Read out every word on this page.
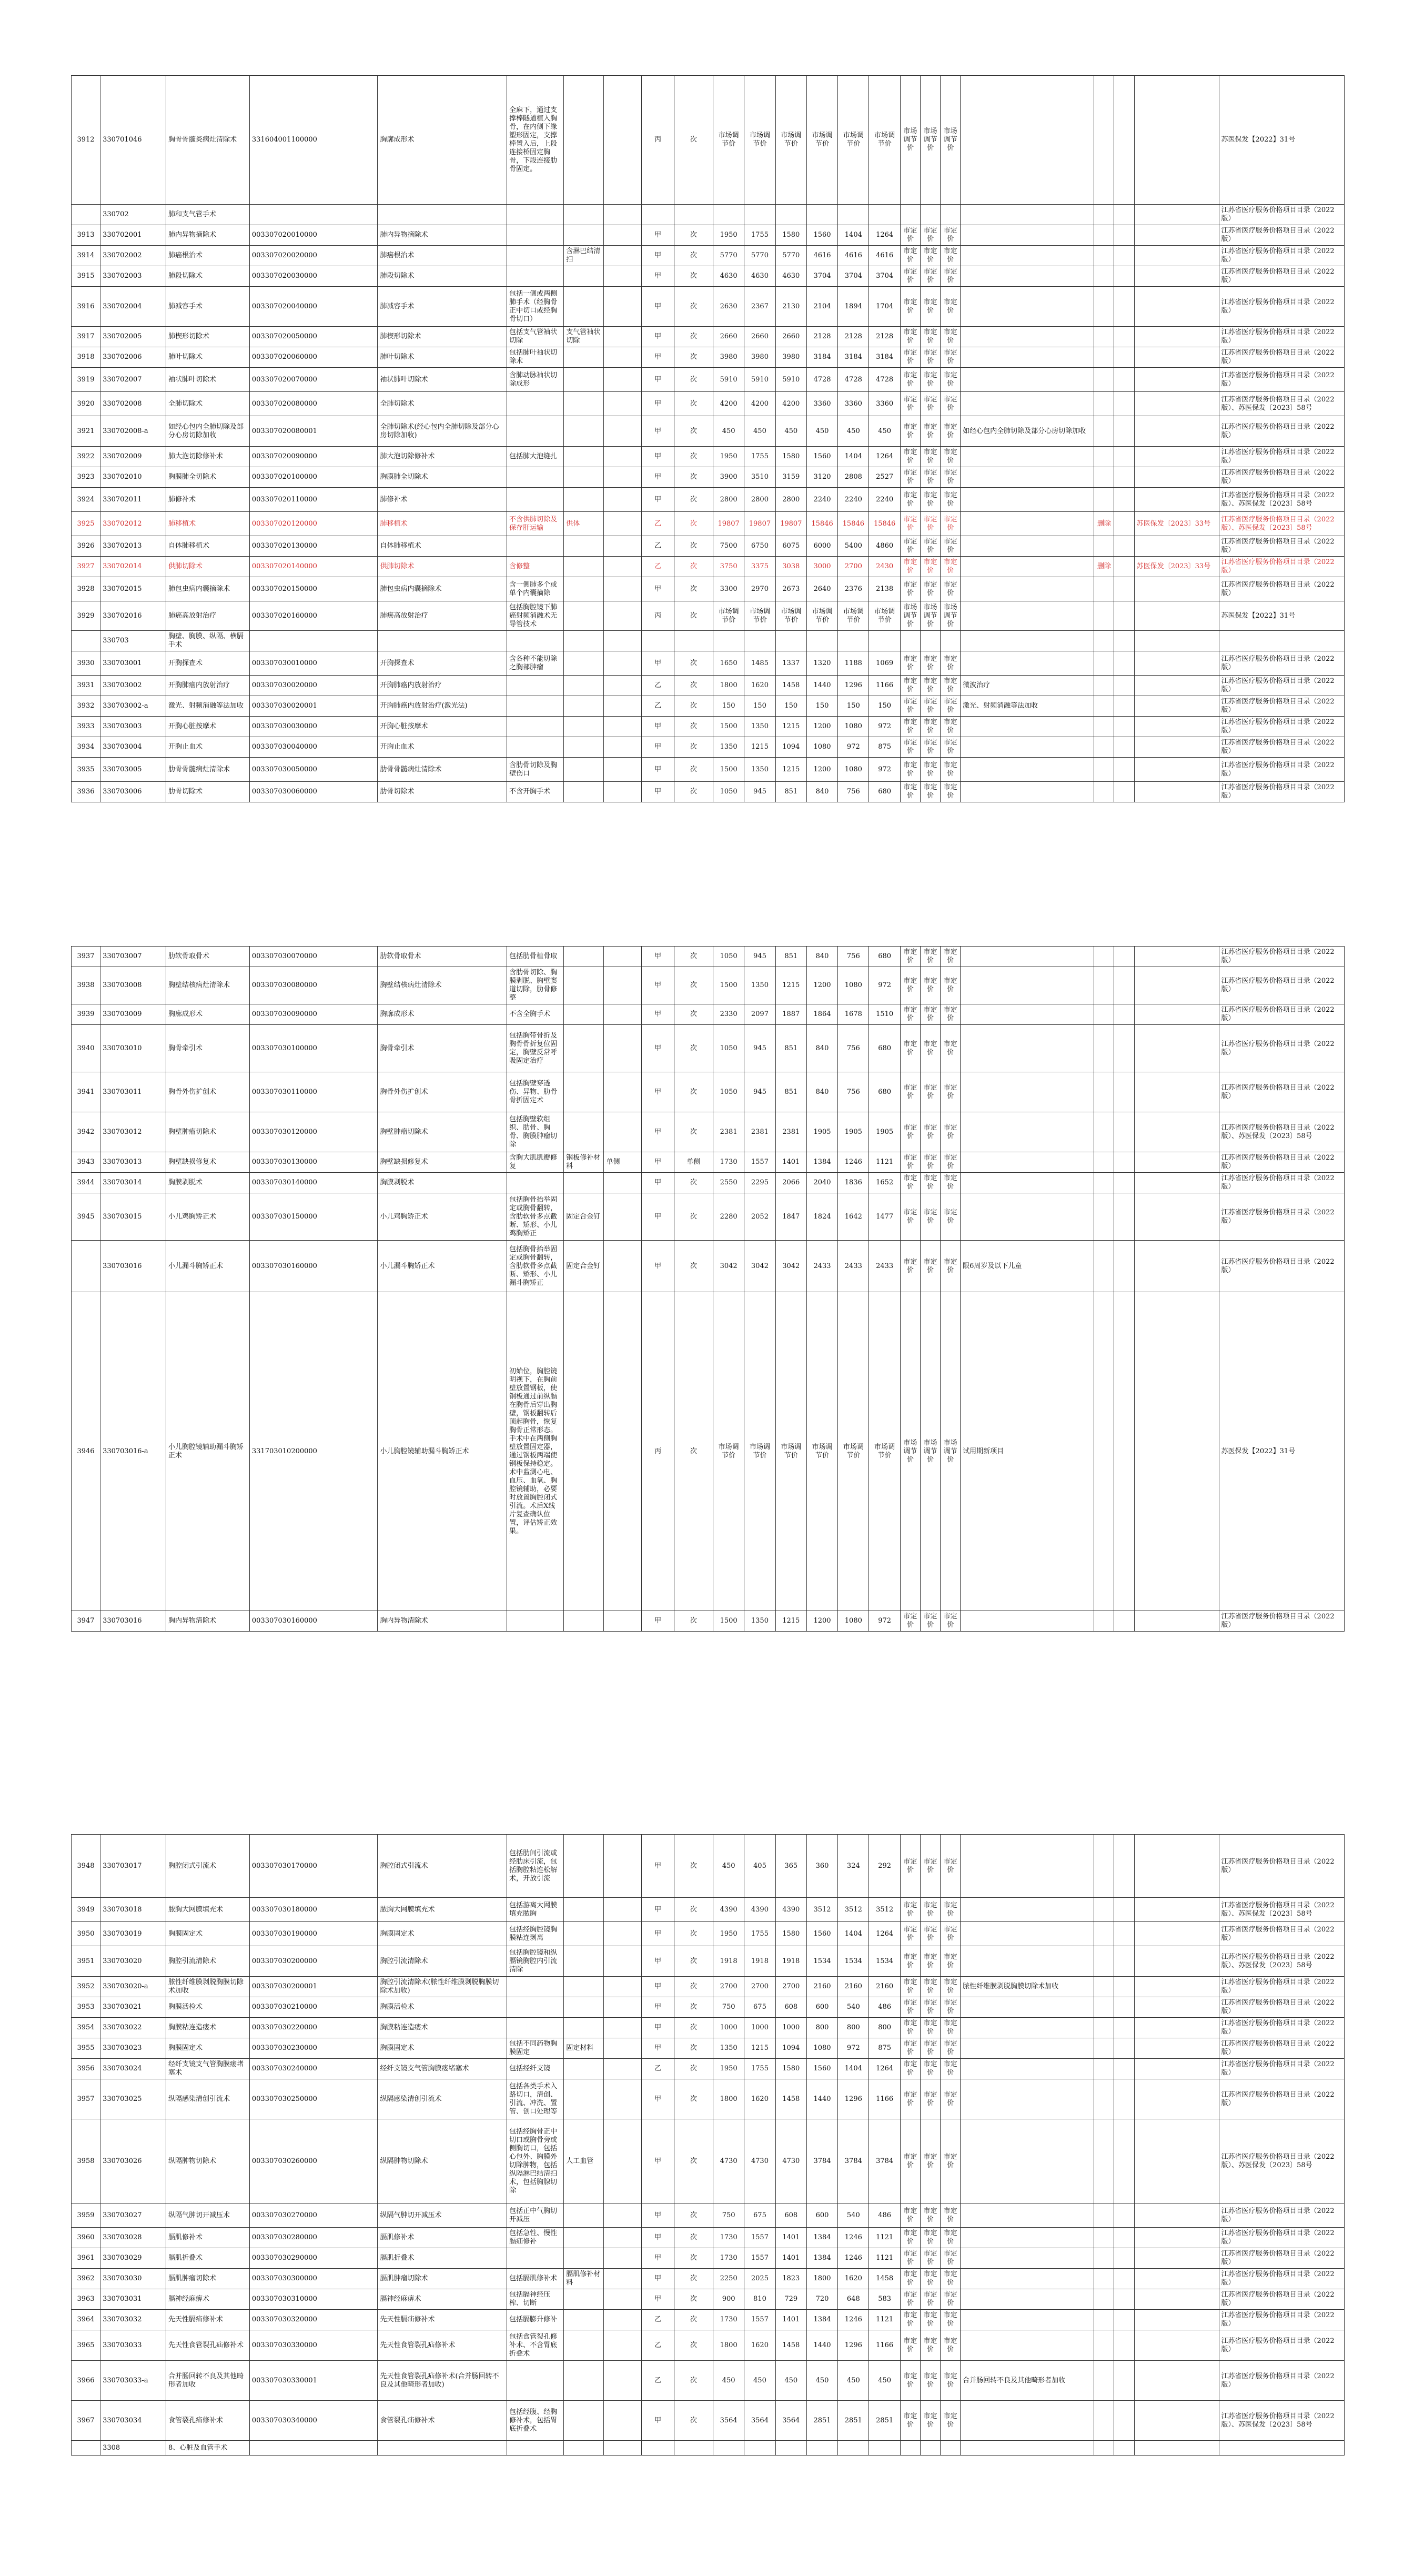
3912	330701046	胸骨骨髓炎病灶清除术	331604001100000	胸廓成形术	全麻下，通过支撑棒隧道植入胸骨，在内侧下缘塑形固定，支撑棒置入后，上段连接桥固定胸骨，下段连接肋骨固定。			丙	次	市场调节价	市场调节价	市场调节价	市场调节价	市场调节价	市场调节价	市场调节价	市场调节价	市场调节价					苏医保发【2022】31号
	330702	肺和支气管手术																					江苏省医疗服务价格项目目录（2022版）
3913	330702001	肺内异物摘除术	003307020010000	肺内异物摘除术				甲	次	1950	1755	1580	1560	1404	1264	市定价	市定价	市定价					江苏省医疗服务价格项目目录（2022版）
3914	330702002	肺癌根治术	003307020020000	肺癌根治术		含淋巴结清扫		甲	次	5770	5770	5770	4616	4616	4616	市定价	市定价	市定价					江苏省医疗服务价格项目目录（2022版）
3915	330702003	肺段切除术	003307020030000	肺段切除术				甲	次	4630	4630	4630	3704	3704	3704	市定价	市定价	市定价					江苏省医疗服务价格项目目录（2022版）
3916	330702004	肺减容手术	003307020040000	肺减容手术	包括一侧或两侧肺手术（经胸骨正中切口或经胸骨切口）			甲	次	2630	2367	2130	2104	1894	1704	市定价	市定价	市定价					江苏省医疗服务价格项目目录（2022版）
3917	330702005	肺楔形切除术	003307020050000	肺楔形切除术	包括支气管袖状切除	支气管袖状切除		甲	次	2660	2660	2660	2128	2128	2128	市定价	市定价	市定价					江苏省医疗服务价格项目目录（2022版）
3918	330702006	肺叶切除术	003307020060000	肺叶切除术	包括肺叶袖状切除术			甲	次	3980	3980	3980	3184	3184	3184	市定价	市定价	市定价					江苏省医疗服务价格项目目录（2022版）
3919	330702007	袖状肺叶切除术	003307020070000	袖状肺叶切除术	含肺动脉袖状切除成形			甲	次	5910	5910	5910	4728	4728	4728	市定价	市定价	市定价					江苏省医疗服务价格项目目录（2022版）
3920	330702008	全肺切除术	003307020080000	全肺切除术				甲	次	4200	4200	4200	3360	3360	3360	市定价	市定价	市定价					江苏省医疗服务价格项目目录（2022版）、苏医保发〔2023〕58号
3921	330702008-a	如经心包内全肺切除及部分心房切除加收	003307020080001	全肺切除术(经心包内全肺切除及部分心房切除加收)				甲	次	450	450	450	450	450	450	市定价	市定价	市定价	如经心包内全肺切除及部分心房切除加收				江苏省医疗服务价格项目目录（2022版）
3922	330702009	肺大泡切除修补术	003307020090000	肺大泡切除修补术	包括肺大泡缝扎			甲	次	1950	1755	1580	1560	1404	1264	市定价	市定价	市定价					江苏省医疗服务价格项目目录（2022版）
3923	330702010	胸膜肺全切除术	003307020100000	胸膜肺全切除术				甲	次	3900	3510	3159	3120	2808	2527	市定价	市定价	市定价					江苏省医疗服务价格项目目录（2022版）
3924	330702011	肺修补术	003307020110000	肺修补术				甲	次	2800	2800	2800	2240	2240	2240	市定价	市定价	市定价					江苏省医疗服务价格项目目录（2022版）、苏医保发〔2023〕58号
3925	330702012	肺移植术	003307020120000	肺移植术	不含供肺切除及保存肝运输	供体		乙	次	19807	19807	19807	15846	15846	15846	市定价	市定价	市定价		删除		苏医保发〔2023〕33号	江苏省医疗服务价格项目目录（2022版）、苏医保发〔2023〕58号
3926	330702013	自体肺移植术	003307020130000	自体肺移植术				乙	次	7500	6750	6075	6000	5400	4860	市定价	市定价	市定价					江苏省医疗服务价格项目目录（2022版）
3927	330702014	供肺切除术	003307020140000	供肺切除术	含修整			乙	次	3750	3375	3038	3000	2700	2430	市定价	市定价	市定价		删除		苏医保发〔2023〕33号	江苏省医疗服务价格项目目录（2022版）
3928	330702015	肺包虫病内囊摘除术	003307020150000	肺包虫病内囊摘除术	含一侧肺多个或单个内囊摘除			甲	次	3300	2970	2673	2640	2376	2138	市定价	市定价	市定价					江苏省医疗服务价格项目目录（2022版）
3929	330702016	肺癌高放射治疗	003307020160000	肺癌高放射治疗	包括胸腔镜下肺癌射频消融术无导管技术			丙	次	市场调节价	市场调节价	市场调节价	市场调节价	市场调节价	市场调节价	市场调节价	市场调节价	市场调节价					苏医保发【2022】31号
	330703	胸壁、胸膜、纵隔、横膈手术																					
3930	330703001	开胸探查术	003307030010000	开胸探查术	含各种不能切除之胸部肿瘤			甲	次	1650	1485	1337	1320	1188	1069	市定价	市定价	市定价					江苏省医疗服务价格项目目录（2022版）
3931	330703002	开胸肺癌内放射治疗	003307030020000	开胸肺癌内放射治疗				乙	次	1800	1620	1458	1440	1296	1166	市定价	市定价	市定价	微波治疗				江苏省医疗服务价格项目目录（2022版）
3932	330703002-a	激光、射频消融等法加收	003307030020001	开胸肺癌内放射治疗(激光法)				乙	次	150	150	150	150	150	150	市定价	市定价	市定价	激光、射频消融等法加收				江苏省医疗服务价格项目目录（2022版）
3933	330703003	开胸心脏按摩术	003307030030000	开胸心脏按摩术				甲	次	1500	1350	1215	1200	1080	972	市定价	市定价	市定价					江苏省医疗服务价格项目目录（2022版）
3934	330703004	开胸止血术	003307030040000	开胸止血术				甲	次	1350	1215	1094	1080	972	875	市定价	市定价	市定价					江苏省医疗服务价格项目目录（2022版）
3935	330703005	肋骨骨髓病灶清除术	003307030050000	肋骨骨髓病灶清除术	含肋骨切除及胸壁伤口			甲	次	1500	1350	1215	1200	1080	972	市定价	市定价	市定价					江苏省医疗服务价格项目目录（2022版）
3936	330703006	肋骨切除术	003307030060000	肋骨切除术	不含开胸手术			甲	次	1050	945	851	840	756	680	市定价	市定价	市定价					江苏省医疗服务价格项目目录（2022版）
3937	330703007	肋软骨取骨术	003307030070000	肋软骨取骨术	包括肋骨植骨取			甲	次	1050	945	851	840	756	680	市定价	市定价	市定价					江苏省医疗服务价格项目目录（2022版）
3938	330703008	胸壁结核病灶清除术	003307030080000	胸壁结核病灶清除术	含肋骨切除、胸膜剥脱、胸壁窦道切除，肋骨修整			甲	次	1500	1350	1215	1200	1080	972	市定价	市定价	市定价					江苏省医疗服务价格项目目录（2022版）
3939	330703009	胸廓成形术	003307030090000	胸廓成形术	不含全胸手术			甲	次	2330	2097	1887	1864	1678	1510	市定价	市定价	市定价					江苏省医疗服务价格项目目录（2022版）
3940	330703010	胸骨牵引术	003307030100000	胸骨牵引术	包括胸带骨折及胸骨骨折复位固定，胸壁反常呼吸固定治疗			甲	次	1050	945	851	840	756	680	市定价	市定价	市定价					江苏省医疗服务价格项目目录（2022版）
3941	330703011	胸骨外伤扩创术	003307030110000	胸骨外伤扩创术	包括胸壁穿透伤、异物、肋骨骨折固定术			甲	次	1050	945	851	840	756	680	市定价	市定价	市定价					江苏省医疗服务价格项目目录（2022版）
3942	330703012	胸壁肿瘤切除术	003307030120000	胸壁肿瘤切除术	包括胸壁软组织、肋骨、胸骨、胸膜肿瘤切除			甲	次	2381	2381	2381	1905	1905	1905	市定价	市定价	市定价					江苏省医疗服务价格项目目录（2022版）、苏医保发〔2023〕58号
3943	330703013	胸壁缺损修复术	003307030130000	胸壁缺损修复术	含胸大肌肌瓣修复	钢板修补材料	单侧	甲	单侧	1730	1557	1401	1384	1246	1121	市定价	市定价	市定价					江苏省医疗服务价格项目目录（2022版）
3944	330703014	胸膜剥脱术	003307030140000	胸膜剥脱术				甲	次	2550	2295	2066	2040	1836	1652	市定价	市定价	市定价					江苏省医疗服务价格项目目录（2022版）
3945	330703015	小儿鸡胸矫正术	003307030150000	小儿鸡胸矫正术	包括胸骨抬举固定或胸骨翻转，含肋软骨多点截断、矫形、小儿鸡胸矫正	固定合金钉		甲	次	2280	2052	1847	1824	1642	1477	市定价	市定价	市定价					江苏省医疗服务价格项目目录（2022版）
	330703016	小儿漏斗胸矫正术	003307030160000	小儿漏斗胸矫正术	包括胸骨抬举固定或胸骨翻转，含肋软骨多点截断、矫形、小儿漏斗胸矫正	固定合金钉		甲	次	3042	3042	3042	2433	2433	2433	市定价	市定价	市定价	限6周岁及以下儿童				江苏省医疗服务价格项目目录（2022版）
3946	330703016-a	小儿胸腔镜辅助漏斗胸矫正术	331703010200000	小儿胸腔镜辅助漏斗胸矫正术	初始位，胸腔镜明视下，在胸前壁放置钢板，使钢板通过前纵膈在胸骨后穿出胸壁，钢板翻转后顶起胸骨，恢复胸骨正常形态。手术中在两侧胸壁放置固定器，通过钢板两端使钢板保持稳定。术中监测心电、血压、血氧、胸腔镜辅助，必要时放置胸腔闭式引流。术后X线片复查确认位置，评估矫正效果。			丙	次	市场调节价	市场调节价	市场调节价	市场调节价	市场调节价	市场调节价	市场调节价	市场调节价	市场调节价	试用期新项目				苏医保发【2022】31号
3947	330703016	胸内异物清除术	003307030160000	胸内异物清除术				甲	次	1500	1350	1215	1200	1080	972	市定价	市定价	市定价					江苏省医疗服务价格项目目录（2022版）
3948	330703017	胸腔闭式引流术	003307030170000	胸腔闭式引流术	包括肋间引流或经肋床引流，包括胸腔粘连松解术，开放引流			甲	次	450	405	365	360	324	292	市定价	市定价	市定价					江苏省医疗服务价格项目目录（2022版）
3949	330703018	脓胸大网膜填充术	003307030180000	脓胸大网膜填充术	包括游离大网膜填充脓胸			甲	次	4390	4390	4390	3512	3512	3512	市定价	市定价	市定价					江苏省医疗服务价格项目目录（2022版）、苏医保发〔2023〕58号
3950	330703019	胸膜固定术	003307030190000	胸膜固定术	包括经胸腔镜胸膜粘连剥离			甲	次	1950	1755	1580	1560	1404	1264	市定价	市定价	市定价					江苏省医疗服务价格项目目录（2022版）
3951	330703020	胸腔引流清除术	003307030200000	胸腔引流清除术	包括胸腔镜和纵膈镜胸腔内引流清除			甲	次	1918	1918	1918	1534	1534	1534	市定价	市定价	市定价					江苏省医疗服务价格项目目录（2022版）、苏医保发〔2023〕58号
3952	330703020-a	脓性纤维膜剥脱胸膜切除术加收	003307030200001	胸腔引流清除术(脓性纤维膜剥脱胸膜切除术加收)				甲	次	2700	2700	2700	2160	2160	2160	市定价	市定价	市定价	脓性纤维膜剥脱胸膜切除术加收				江苏省医疗服务价格项目目录（2022版）
3953	330703021	胸膜活检术	003307030210000	胸膜活检术				甲	次	750	675	608	600	540	486	市定价	市定价	市定价					江苏省医疗服务价格项目目录（2022版）
3954	330703022	胸膜粘连造瘘术	003307030220000	胸膜粘连造瘘术				甲	次	1000	1000	1000	800	800	800	市定价	市定价	市定价					江苏省医疗服务价格项目目录（2022版）
3955	330703023	胸膜固定术	003307030230000	胸膜固定术	包括不同药物胸膜固定	固定材料		甲	次	1350	1215	1094	1080	972	875	市定价	市定价	市定价					江苏省医疗服务价格项目目录（2022版）
3956	330703024	经纤支镜支气管胸膜瘘堵塞术	003307030240000	经纤支镜支气管胸膜瘘堵塞术	包括经纤支镜			乙	次	1950	1755	1580	1560	1404	1264	市定价	市定价	市定价					江苏省医疗服务价格项目目录（2022版）
3957	330703025	纵隔感染清创引流术	003307030250000	纵隔感染清创引流术	包括各类手术入路切口，清创、引流、冲洗、置管、创口处理等			甲	次	1800	1620	1458	1440	1296	1166	市定价	市定价	市定价					江苏省医疗服务价格项目目录（2022版）
3958	330703026	纵隔肿物切除术	003307030260000	纵隔肿物切除术	包括经胸骨正中切口或胸骨旁或侧胸切口，包括心包外、胸膜外切除肿物，包括纵隔淋巴结清扫术，包括胸腺切除	人工血管		甲	次	4730	4730	4730	3784	3784	3784	市定价	市定价	市定价					江苏省医疗服务价格项目目录（2022版）、苏医保发〔2023〕58号
3959	330703027	纵隔气肿切开减压术	003307030270000	纵隔气肿切开减压术	包括正中气胸切开减压			甲	次	750	675	608	600	540	486	市定价	市定价	市定价					江苏省医疗服务价格项目目录（2022版）
3960	330703028	膈肌修补术	003307030280000	膈肌修补术	包括急性、慢性膈疝修补			甲	次	1730	1557	1401	1384	1246	1121	市定价	市定价	市定价					江苏省医疗服务价格项目目录（2022版）
3961	330703029	膈肌折叠术	003307030290000	膈肌折叠术				甲	次	1730	1557	1401	1384	1246	1121	市定价	市定价	市定价					江苏省医疗服务价格项目目录（2022版）
3962	330703030	膈肌肿瘤切除术	003307030300000	膈肌肿瘤切除术	包括膈肌修补术	膈肌修补材料		甲	次	2250	2025	1823	1800	1620	1458	市定价	市定价	市定价					江苏省医疗服务价格项目目录（2022版）
3963	330703031	膈神经麻痹术	003307030310000	膈神经麻痹术	包括膈神经压榨、切断			甲	次	900	810	729	720	648	583	市定价	市定价	市定价					江苏省医疗服务价格项目目录（2022版）
3964	330703032	先天性膈疝修补术	003307030320000	先天性膈疝修补术	包括膈膨升修补			乙	次	1730	1557	1401	1384	1246	1121	市定价	市定价	市定价					江苏省医疗服务价格项目目录（2022版）
3965	330703033	先天性食管裂孔疝修补术	003307030330000	先天性食管裂孔疝修补术	包括食管裂孔修补术、不含胃底折叠术			乙	次	1800	1620	1458	1440	1296	1166	市定价	市定价	市定价					江苏省医疗服务价格项目目录（2022版）
3966	330703033-a	合并肠回转不良及其他畸形者加收	003307030330001	先天性食管裂孔疝修补术(合并肠回转不良及其他畸形者加收)				乙	次	450	450	450	450	450	450	市定价	市定价	市定价	合并肠回转不良及其他畸形者加收				江苏省医疗服务价格项目目录（2022版）
3967	330703034	食管裂孔疝修补术	003307030340000	食管裂孔疝修补术	包括经腹、经胸修补术，包括胃底折叠术			甲	次	3564	3564	3564	2851	2851	2851	市定价	市定价	市定价					江苏省医疗服务价格项目目录（2022版）、苏医保发〔2023〕58号
	3308	8、心脏及血管手术																					
